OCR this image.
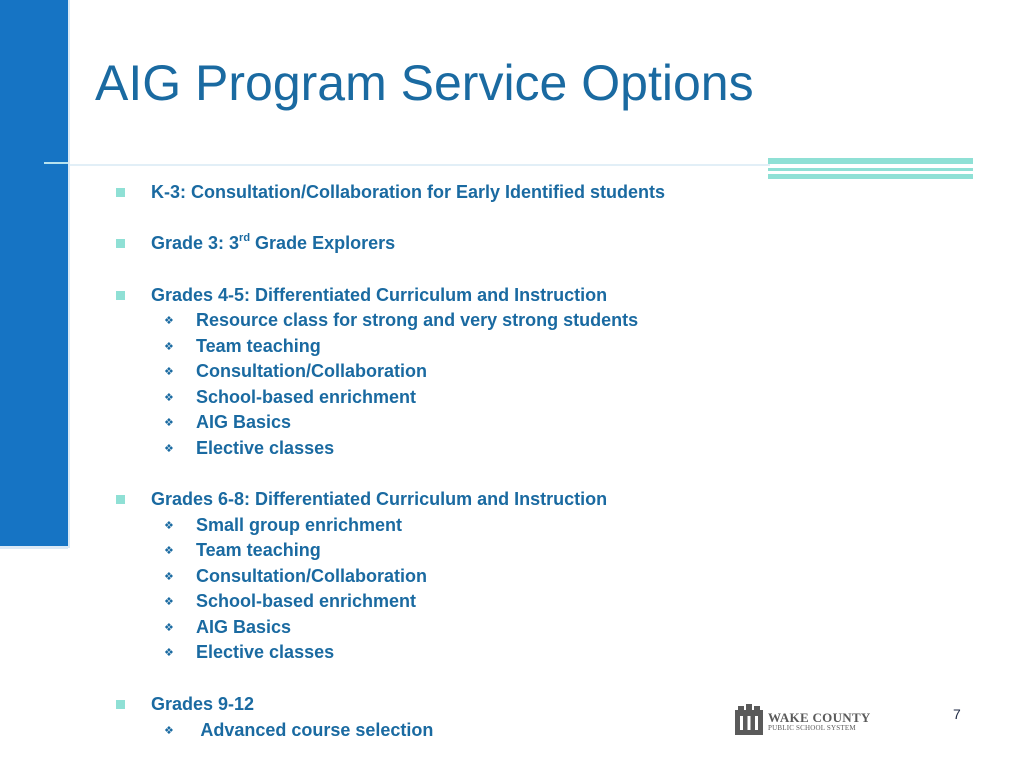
AIG Program Service Options
K-3: Consultation/Collaboration for Early Identified students
Grade 3: 3rd Grade Explorers
Grades 4-5: Differentiated Curriculum and Instruction
❖ Resource class for strong and very strong students
❖ Team teaching
❖ Consultation/Collaboration
❖ School-based enrichment
❖ AIG Basics
❖ Elective classes
Grades 6-8: Differentiated Curriculum and Instruction
❖ Small group enrichment
❖ Team teaching
❖ Consultation/Collaboration
❖ School-based enrichment
❖ AIG Basics
❖ Elective classes
Grades 9-12
❖ Advanced course selection
WAKE COUNTY
PUBLIC SCHOOL SYSTEM
7
